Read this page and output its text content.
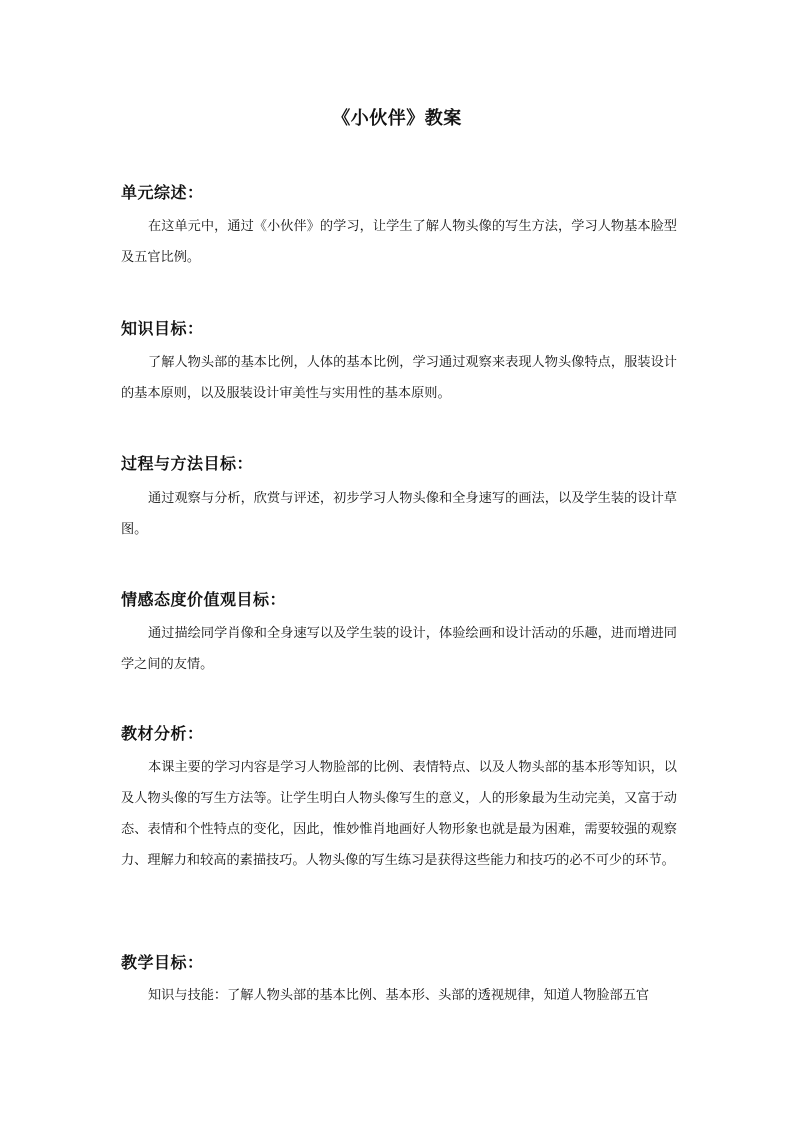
《小伙伴》教案
单元综述：

在这单元中，通过《小伙伴》的学习，让学生了解人物头像的写生方法，学习人物基本脸型及五官比例。

知识目标：

了解人物头部的基本比例，人体的基本比例，学习通过观察来表现人物头像特点，服装设计的基本原则，以及服装设计审美性与实用性的基本原则。

过程与方法目标：

通过观察与分析，欣赏与评述，初步学习人物头像和全身速写的画法，以及学生装的设计草图。

情感态度价值观目标：

通过描绘同学肖像和全身速写以及学生装的设计，体验绘画和设计活动的乐趣，进而增进同学之间的友情。

教材分析：

本课主要的学习内容是学习人物脸部的比例、表情特点、以及人物头部的基本形等知识，以及人物头像的写生方法等。让学生明白人物头像写生的意义，人的形象最为生动完美，又富于动态、表情和个性特点的变化，因此，惟妙惟肖地画好人物形象也就是最为困难，需要较强的观察力、理解力和较高的素描技巧。人物头像的写生练习是获得这些能力和技巧的必不可少的环节。

教学目标：

知识与技能：了解人物头部的基本比例、基本形、头部的透视规律，知道人物脸部五官
